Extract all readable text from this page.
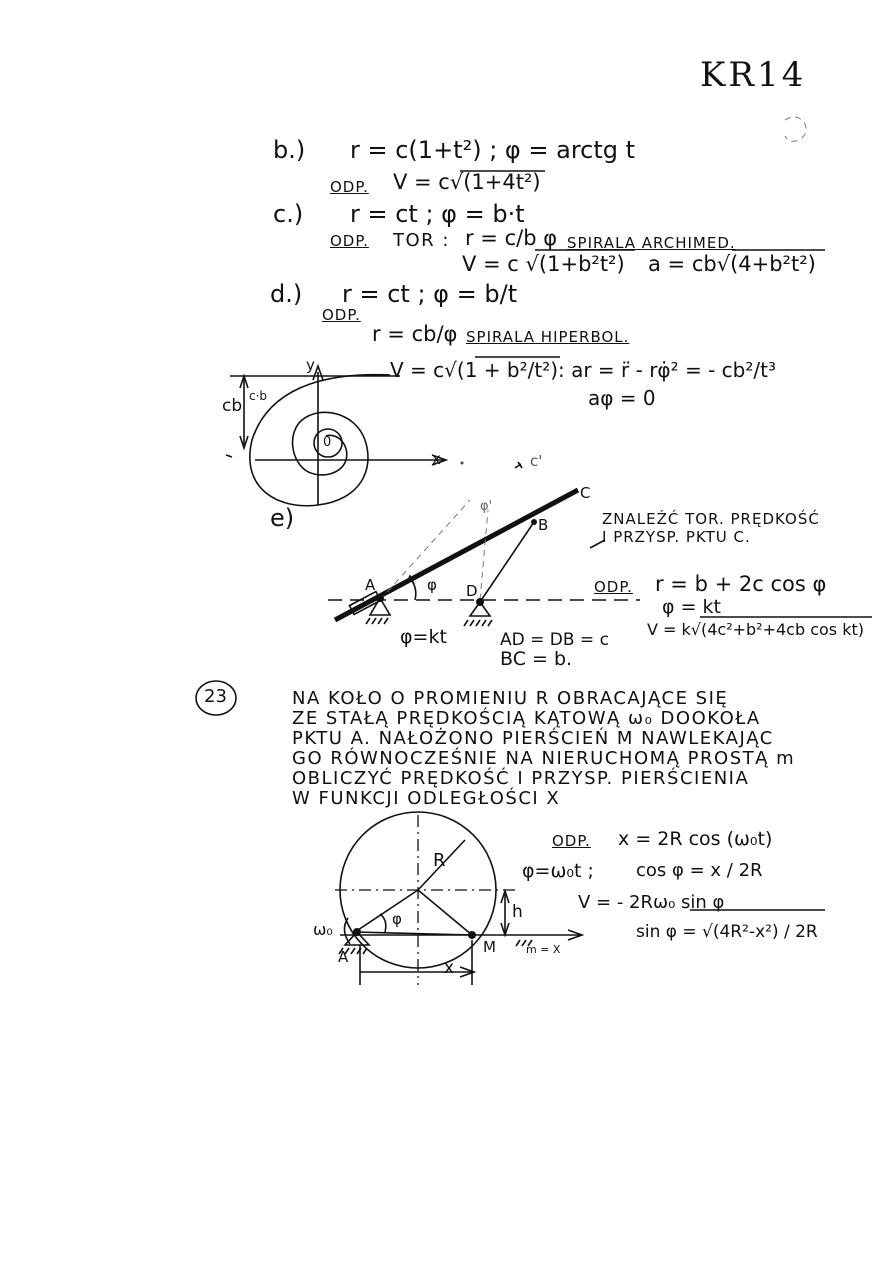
KR14
b.) r = c(1+t²) ; φ = arctg t
ODP. V = c√(1+4t²)
c.) r = ct ; φ = b·t
ODP. TOR : r = c/b φ SPIRALA ARCHIMED.
V = c √(1+b²t²) a = cb√(4+b²t²)
d.) r = ct ; φ = b/t
ODP.
r = cb/φ SPIRALA HIPERBOL.
V = c√(1 + b²/t²) : ar = r̈ - rφ̇² = - cb²/t³
aφ = 0
y
x
0
c·b
cb
c'
e)	ZNALEŹĆ TOR. PRĘDKOŚĆ
I PRZYSP. PKTU C.
ODP. r = b + 2c cos φ
φ = kt
V = k√(4c²+b²+4cb cos kt)
φ=kt	AD = DB = c
BC = b.
A
B
C
D
φ
φ'
23	NA KOŁO O PROMIENIU R OBRACAJĄCE SIĘ
ZE STAŁĄ PRĘDKOŚCIĄ KĄTOWĄ ω₀ DOOKOŁA
PKTU A. NAŁOŻONO PIERŚCIEŃ M NAWLEKAJĄC
GO RÓWNOCZEŚNIE NA NIERUCHOMĄ PROSTĄ m
OBLICZYĆ PRĘDKOŚĆ I PRZYSP. PIERŚCIENIA
W FUNKCJI ODLEGŁOŚCI X
ODP. x = 2R cos (ω₀t)
φ=ω₀t ; cos φ = x / 2R
V = - 2Rω₀ sin φ
sin φ = √(4R²-x²) / 2R
R
h
A
M
x
ω₀
φ
m = X
